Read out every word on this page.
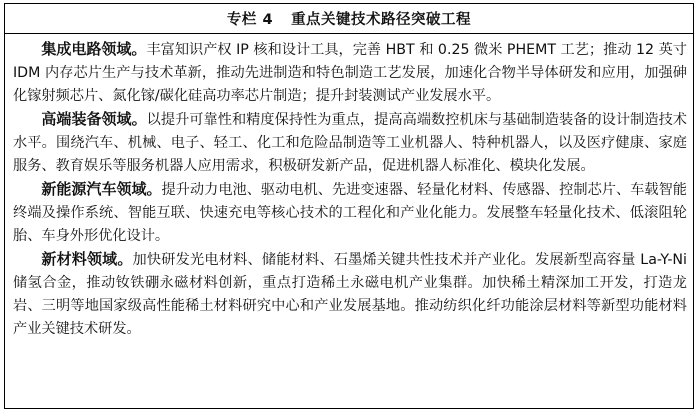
专栏 4 重点关键技术路径突破工程

集成电路领域。丰富知识产权 IP 核和设计工具，完善 HBT 和 0.25 微米 PHEMT 工艺；推动 12 英寸 IDM 内存芯片生产与技术革新，推动先进制造和特色制造工艺发展，加速化合物半导体研发和应用，加强砷化镓射频芯片、氮化镓/碳化硅高功率芯片制造；提升封装测试产业发展水平。

高端装备领域。以提升可靠性和精度保持性为重点，提高高端数控机床与基础制造装备的设计制造技术水平。围绕汽车、机械、电子、轻工、化工和危险品制造等工业机器人、特种机器人，以及医疗健康、家庭服务、教育娱乐等服务机器人应用需求，积极研发新产品，促进机器人标准化、模块化发展。

新能源汽车领域。提升动力电池、驱动电机、先进变速器、轻量化材料、传感器、控制芯片、车载智能终端及操作系统、智能互联、快速充电等核心技术的工程化和产业化能力。发展整车轻量化技术、低滚阻轮胎、车身外形优化设计。

新材料领域。加快研发光电材料、储能材料、石墨烯关键共性技术并产业化。发展新型高容量 La-Y-Ni 储氢合金，推动钕铁硼永磁材料创新，重点打造稀土永磁电机产业集群。加快稀土精深加工开发，打造龙岩、三明等地国家级高性能稀土材料研究中心和产业发展基地。推动纺织化纤功能涂层材料等新型功能材料产业关键技术研发。
